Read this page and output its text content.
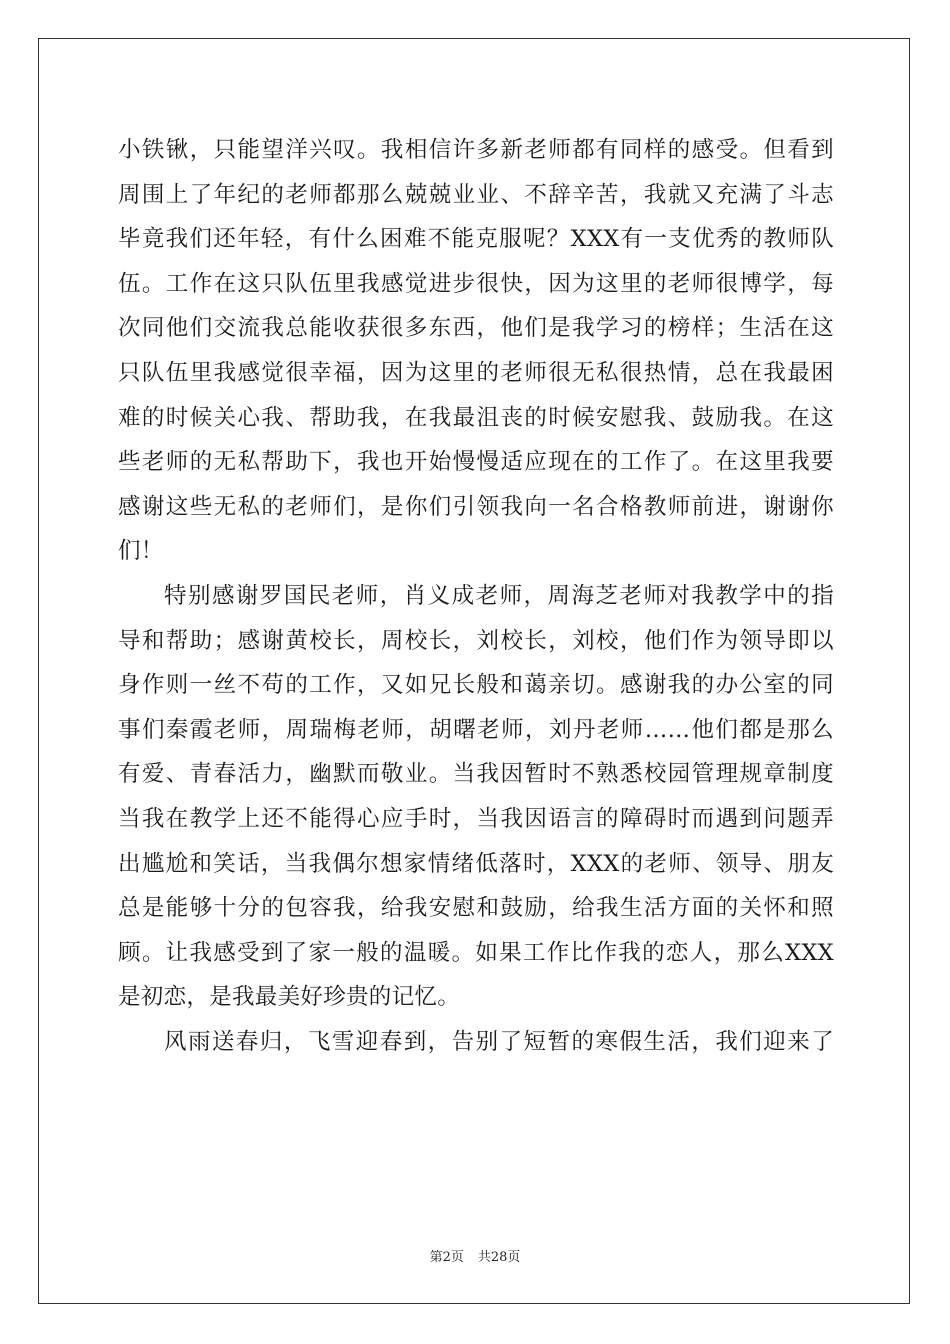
小铁锹，只能望洋兴叹。我相信许多新老师都有同样的感受。但看到
周围上了年纪的老师都那么兢兢业业、不辞辛苦，我就又充满了斗志
毕竟我们还年轻，有什么困难不能克服呢？XXX有一支优秀的教师队
伍。工作在这只队伍里我感觉进步很快，因为这里的老师很博学，每
次同他们交流我总能收获很多东西，他们是我学习的榜样；生活在这
只队伍里我感觉很幸福，因为这里的老师很无私很热情，总在我最困
难的时候关心我、帮助我，在我最沮丧的时候安慰我、鼓励我。在这
些老师的无私帮助下，我也开始慢慢适应现在的工作了。在这里我要
感谢这些无私的老师们，是你们引领我向一名合格教师前进，谢谢你
们！
特别感谢罗国民老师，肖义成老师，周海芝老师对我教学中的指
导和帮助；感谢黄校长，周校长，刘校长，刘校，他们作为领导即以
身作则一丝不苟的工作，又如兄长般和蔼亲切。感谢我的办公室的同
事们秦霞老师，周瑞梅老师，胡曙老师，刘丹老师……他们都是那么
有爱、青春活力，幽默而敬业。当我因暂时不熟悉校园管理规章制度
当我在教学上还不能得心应手时，当我因语言的障碍时而遇到问题弄
出尴尬和笑话，当我偶尔想家情绪低落时，XXX的老师、领导、朋友
总是能够十分的包容我，给我安慰和鼓励，给我生活方面的关怀和照
顾。让我感受到了家一般的温暖。如果工作比作我的恋人，那么XXX
是初恋，是我最美好珍贵的记忆。
风雨送春归，飞雪迎春到，告别了短暂的寒假生活，我们迎来了
第2页 共28页
